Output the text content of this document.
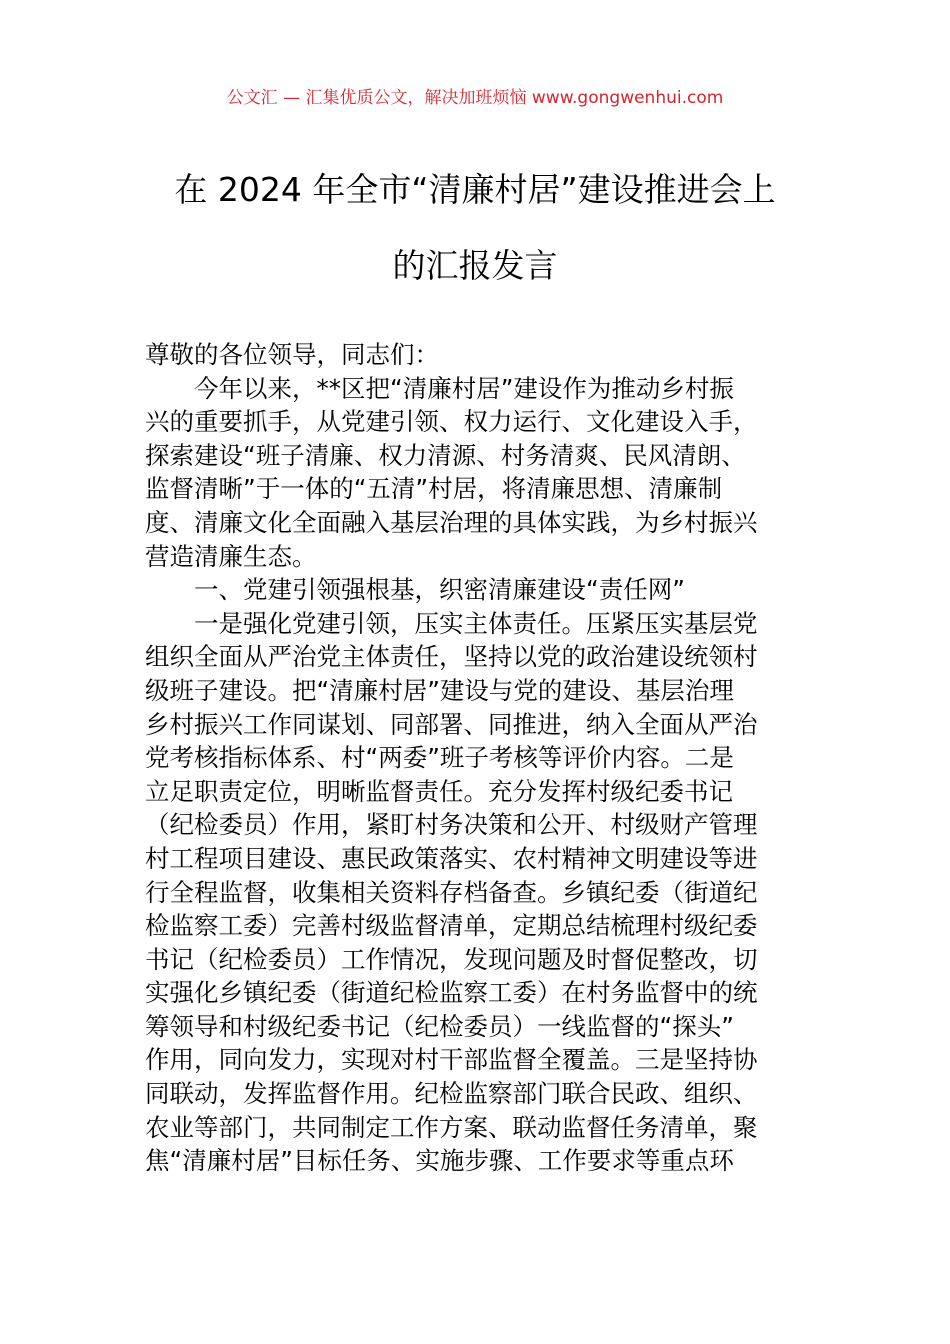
公文汇 — 汇集优质公文，解决加班烦恼 www.gongwenhui.com
在 2024 年全市“清廉村居”建设推进会上
的汇报发言

尊敬的各位领导，同志们：

今年以来，**区把“清廉村居”建设作为推动乡村振

兴的重要抓手，从党建引领、权力运行、文化建设入手，

探索建设“班子清廉、权力清源、村务清爽、民风清朗、

监督清晰”于一体的“五清”村居，将清廉思想、清廉制

度、清廉文化全面融入基层治理的具体实践，为乡村振兴

营造清廉生态。

一、党建引领强根基，织密清廉建设“责任网”

一是强化党建引领，压实主体责任。压紧压实基层党

组织全面从严治党主体责任，坚持以党的政治建设统领村

级班子建设。把“清廉村居”建设与党的建设、基层治理

乡村振兴工作同谋划、同部署、同推进，纳入全面从严治

党考核指标体系、村“两委”班子考核等评价内容。二是

立足职责定位，明晰监督责任。充分发挥村级纪委书记

（纪检委员）作用，紧盯村务决策和公开、村级财产管理

村工程项目建设、惠民政策落实、农村精神文明建设等进

行全程监督，收集相关资料存档备查。乡镇纪委（街道纪

检监察工委）完善村级监督清单，定期总结梳理村级纪委

书记（纪检委员）工作情况，发现问题及时督促整改，切

实强化乡镇纪委（街道纪检监察工委）在村务监督中的统

筹领导和村级纪委书记（纪检委员）一线监督的“探头”

作用，同向发力，实现对村干部监督全覆盖。三是坚持协

同联动，发挥监督作用。纪检监察部门联合民政、组织、

农业等部门，共同制定工作方案、联动监督任务清单，聚

焦“清廉村居”目标任务、实施步骤、工作要求等重点环
